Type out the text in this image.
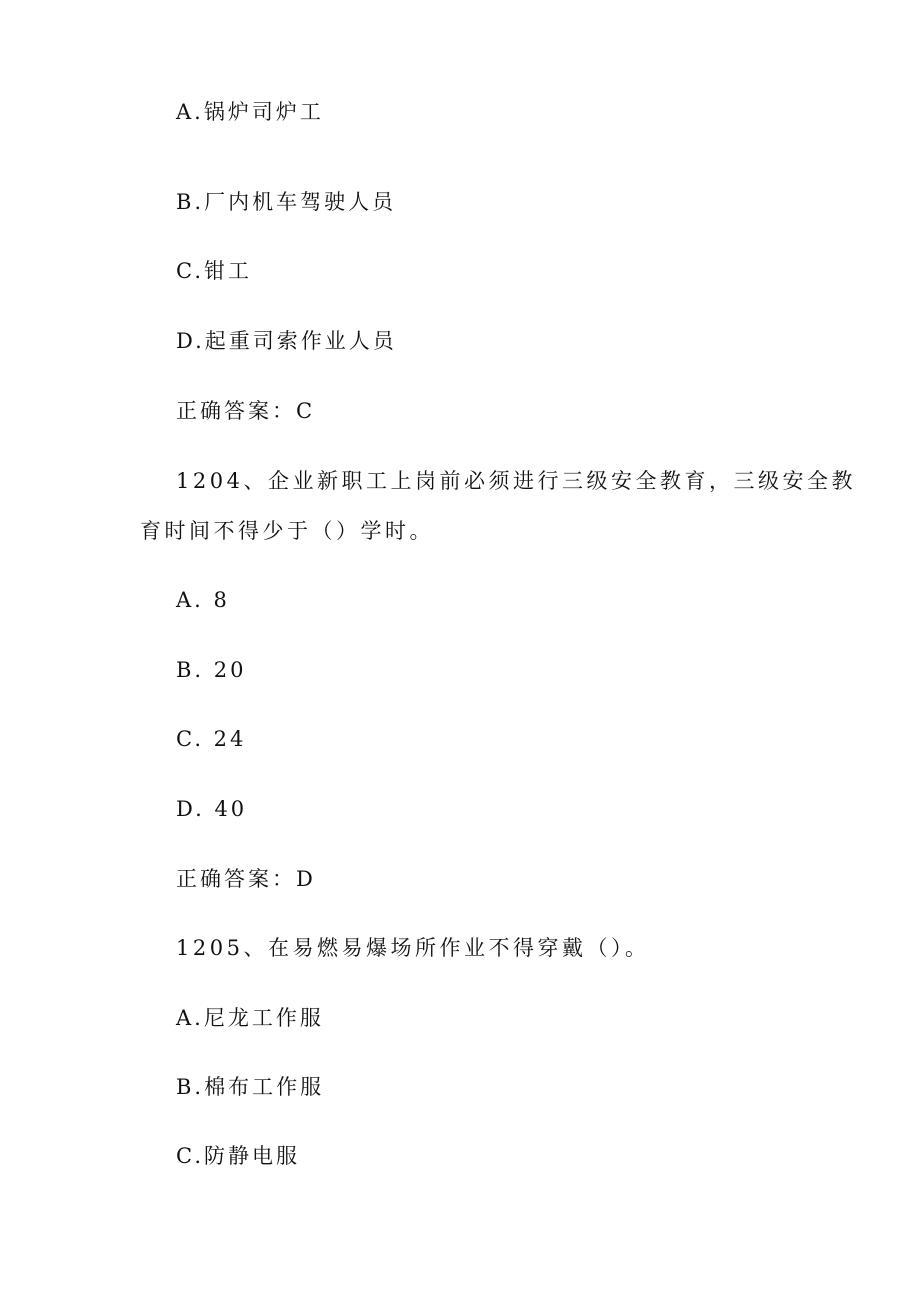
A.锅炉司炉工
B.厂内机车驾驶人员
C.钳工
D.起重司索作业人员
正确答案：C
1204、企业新职工上岗前必须进行三级安全教育，三级安全教
育时间不得少于（）学时。
A. 8
B. 20
C. 24
D. 40
正确答案：D
1205、在易燃易爆场所作业不得穿戴（）。
A.尼龙工作服
B.棉布工作服
C.防静电服
